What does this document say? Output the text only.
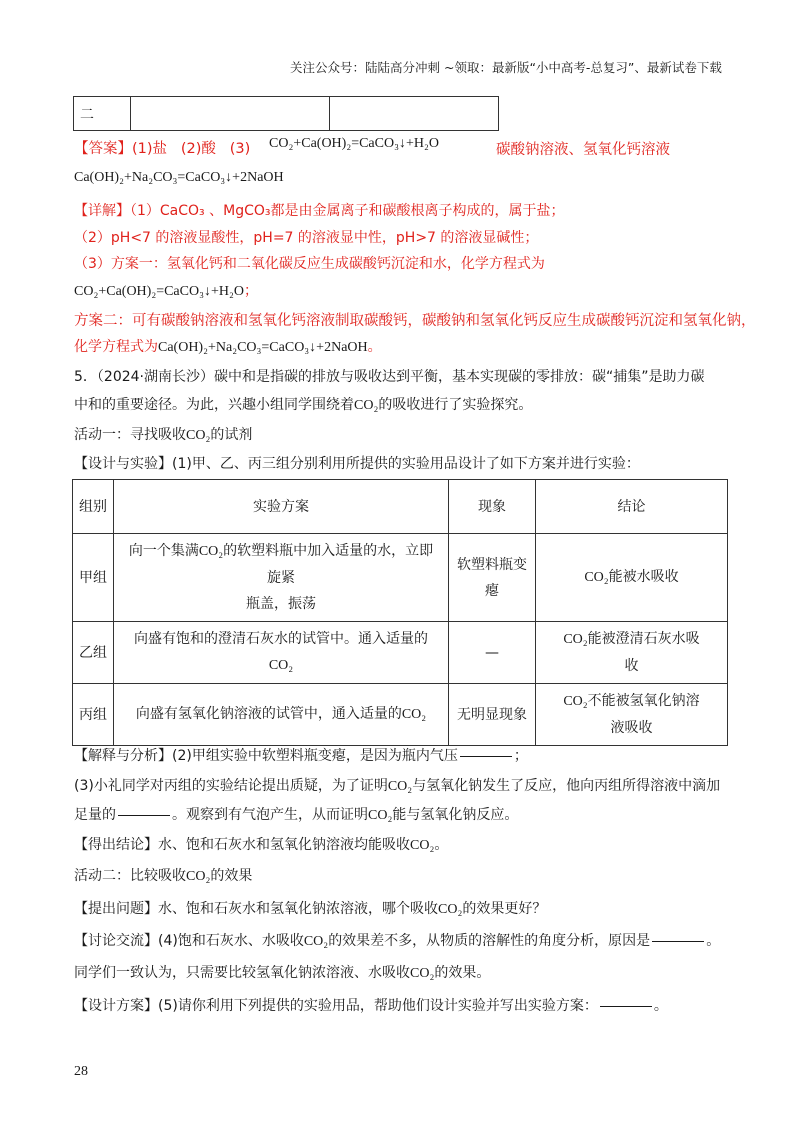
关注公众号：陆陆高分冲刺 ~领取：最新版“小中高考-总复习”、最新试卷下载
二		
【答案】(1)盐 (2)酸 (3) CO₂+Ca(OH)₂=CaCO₃↓+H₂O	碳酸钠溶液、氢氧化钙溶液
Ca(OH)₂+Na₂CO₃=CaCO₃↓+2NaOH
【详解】（1）CaCO₃ 、MgCO₃都是由金属离子和碳酸根离子构成的，属于盐；
（2）pH<7 的溶液显酸性，pH=7 的溶液显中性，pH>7 的溶液显碱性；
（3）方案一：氢氧化钙和二氧化碳反应生成碳酸钙沉淀和水，化学方程式为
CO₂+Ca(OH)₂=CaCO₃↓+H₂O；
方案二：可有碳酸钠溶液和氢氧化钙溶液制取碳酸钙，碳酸钠和氢氧化钙反应生成碳酸钙沉淀和氢氧化钠，
化学方程式为Ca(OH)₂+Na₂CO₃=CaCO₃↓+2NaOH。
5．（2024·湖南长沙）碳中和是指碳的排放与吸收达到平衡，基本实现碳的零排放：碳“捕集”是助力碳
中和的重要途径。为此，兴趣小组同学围绕着CO₂的吸收进行了实验探究。
活动一：寻找吸收CO₂的试剂
【设计与实验】(1)甲、乙、丙三组分别利用所提供的实验用品设计了如下方案并进行实验：
组别	实验方案	现象	结论
甲组	向一个集满CO₂的软塑料瓶中加入适量的水，立即旋紧
瓶盖，振荡	软塑料瓶变瘪	CO₂能被水吸收
乙组	向盛有饱和的澄清石灰水的试管中。通入适量的CO₂	—	CO₂能被澄清石灰水吸
收
丙组	向盛有氢氧化钠溶液的试管中，通入适量的CO₂	无明显现象	CO₂不能被氢氧化钠溶
液吸收
【解释与分析】(2)甲组实验中软塑料瓶变瘪，是因为瓶内气压	；
(3)小礼同学对丙组的实验结论提出质疑，为了证明CO₂与氢氧化钠发生了反应，他向丙组所得溶液中滴加
足量的	。观察到有气泡产生，从而证明CO₂能与氢氧化钠反应。
【得出结论】水、饱和石灰水和氢氧化钠溶液均能吸收CO₂。
活动二：比较吸收CO₂的效果
【提出问题】水、饱和石灰水和氢氧化钠浓溶液，哪个吸收CO₂的效果更好？
【讨论交流】(4)饱和石灰水、水吸收CO₂的效果差不多，从物质的溶解性的角度分析，原因是	。
同学们一致认为，只需要比较氢氧化钠浓溶液、水吸收CO₂的效果。
【设计方案】(5)请你利用下列提供的实验用品，帮助他们设计实验并写出实验方案：	。
28
